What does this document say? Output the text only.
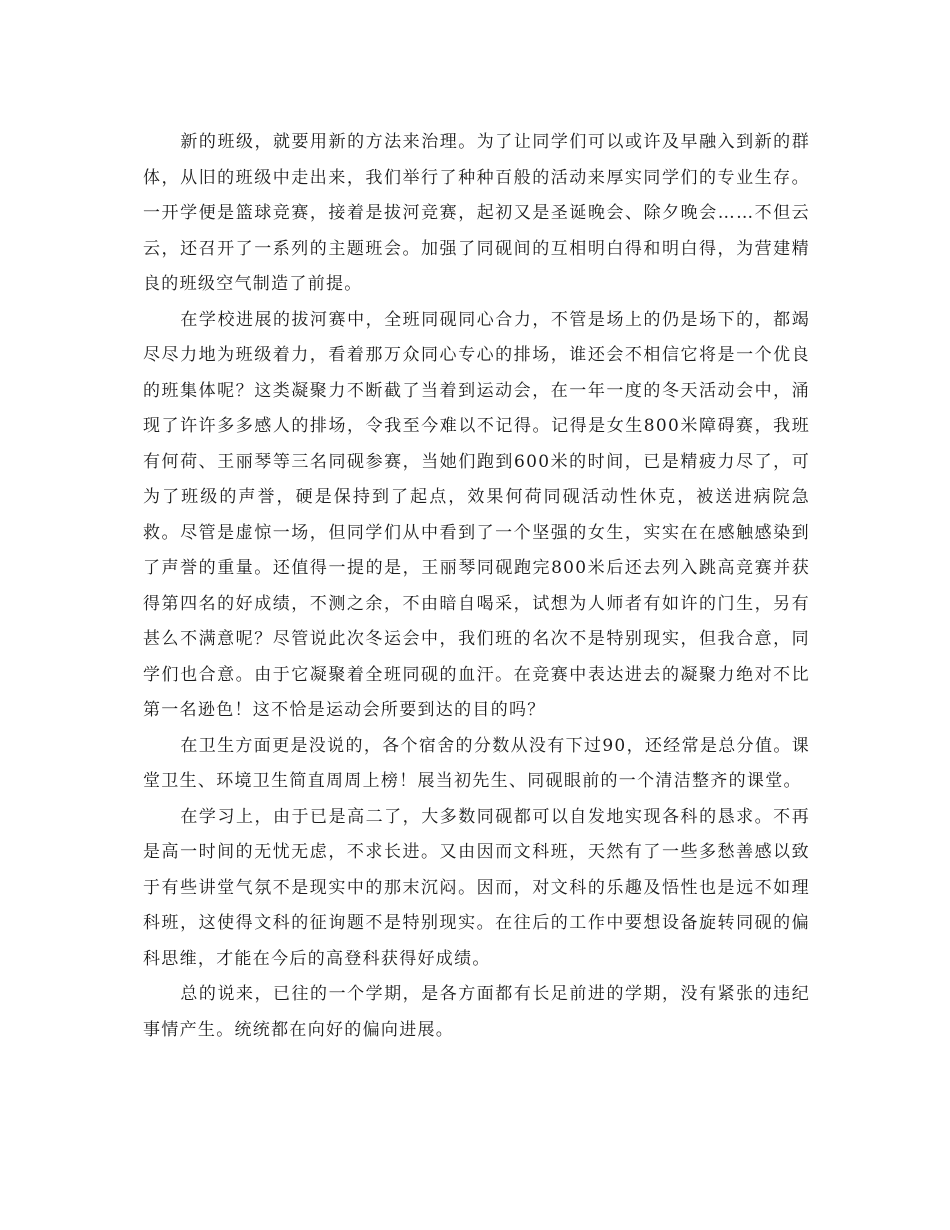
新的班级，就要用新的方法来治理。为了让同学们可以或许及早融入到新的群体，从旧的班级中走出来，我们举行了种种百般的活动来厚实同学们的专业生存。一开学便是篮球竞赛，接着是拔河竞赛，起初又是圣诞晚会、除夕晚会……不但云云，还召开了一系列的主题班会。加强了同砚间的互相明白得和明白得，为营建精良的班级空气制造了前提。

在学校进展的拔河赛中，全班同砚同心合力，不管是场上的仍是场下的，都竭尽尽力地为班级着力，看着那万众同心专心的排场，谁还会不相信它将是一个优良的班集体呢？这类凝聚力不断截了当着到运动会，在一年一度的冬天活动会中，涌现了许许多多感人的排场，令我至今难以不记得。记得是女生800米障碍赛，我班有何荷、王丽琴等三名同砚参赛，当她们跑到600米的时间，已是精疲力尽了，可为了班级的声誉，硬是保持到了起点，效果何荷同砚活动性休克，被送进病院急救。尽管是虚惊一场，但同学们从中看到了一个坚强的女生，实实在在感触感染到了声誉的重量。还值得一提的是，王丽琴同砚跑完800米后还去列入跳高竞赛并获得第四名的好成绩，不测之余，不由暗自喝采，试想为人师者有如许的门生，另有甚么不满意呢？尽管说此次冬运会中，我们班的名次不是特别现实，但我合意，同学们也合意。由于它凝聚着全班同砚的血汗。在竞赛中表达进去的凝聚力绝对不比第一名逊色！这不恰是运动会所要到达的目的吗？

在卫生方面更是没说的，各个宿舍的分数从没有下过90，还经常是总分值。课堂卫生、环境卫生简直周周上榜！展当初先生、同砚眼前的一个清洁整齐的课堂。

在学习上，由于已是高二了，大多数同砚都可以自发地实现各科的恳求。不再是高一时间的无忧无虑，不求长进。又由因而文科班，天然有了一些多愁善感以致于有些讲堂气氛不是现实中的那末沉闷。因而，对文科的乐趣及悟性也是远不如理科班，这使得文科的征询题不是特别现实。在往后的工作中要想设备旋转同砚的偏科思维，才能在今后的高登科获得好成绩。

总的说来，已往的一个学期，是各方面都有长足前进的学期，没有紧张的违纪事情产生。统统都在向好的偏向进展。
